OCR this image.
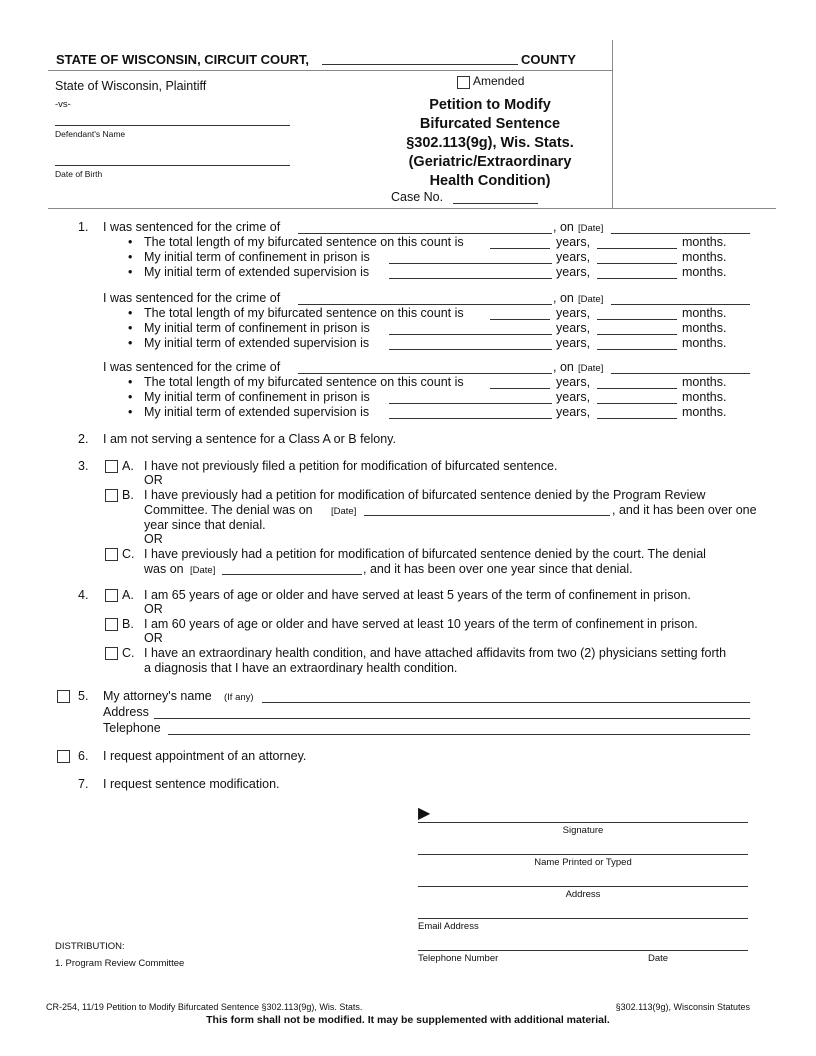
STATE OF WISCONSIN, CIRCUIT COURT,	COUNTY
State of Wisconsin, Plaintiff
-vs-
Defendant's Name
Date of Birth
Amended
Petition to Modify
Bifurcated Sentence
§302.113(9g), Wis. Stats.
(Geriatric/Extraordinary
Health Condition)
Case No.
1. I was sentenced for the crime of	, on [Date]
• The total length of my bifurcated sentence on this count is	years,	months.
• My initial term of confinement in prison is	years,	months.
• My initial term of extended supervision is	years,	months.
I was sentenced for the crime of	, on [Date]
• The total length of my bifurcated sentence on this count is	years,	months.
• My initial term of confinement in prison is	years,	months.
• My initial term of extended supervision is	years,	months.
I was sentenced for the crime of	, on [Date]
• The total length of my bifurcated sentence on this count is	years,	months.
• My initial term of confinement in prison is	years,	months.
• My initial term of extended supervision is	years,	months.
2. I am not serving a sentence for a Class A or B felony.
3.	A. I have not previously filed a petition for modification of bifurcated sentence.
OR
B. I have previously had a petition for modification of bifurcated sentence denied by the Program Review
Committee. The denial was on [Date]	, and it has been over one
year since that denial.
OR
C. I have previously had a petition for modification of bifurcated sentence denied by the court. The denial
was on [Date]	, and it has been over one year since that denial.
4.	A. I am 65 years of age or older and have served at least 5 years of the term of confinement in prison.
OR
B. I am 60 years of age or older and have served at least 10 years of the term of confinement in prison.
OR
C. I have an extraordinary health condition, and have attached affidavits from two (2) physicians setting forth
a diagnosis that I have an extraordinary health condition.
5. My attorney's name (If any)
Address
Telephone
6. I request appointment of an attorney.
7. I request sentence modification.
▶
Signature
Name Printed or Typed
Address
Email Address
Telephone Number	Date
DISTRIBUTION:
1. Program Review Committee
CR-254, 11/19 Petition to Modify Bifurcated Sentence §302.113(9g), Wis. Stats.	§302.113(9g), Wisconsin Statutes
This form shall not be modified. It may be supplemented with additional material.
